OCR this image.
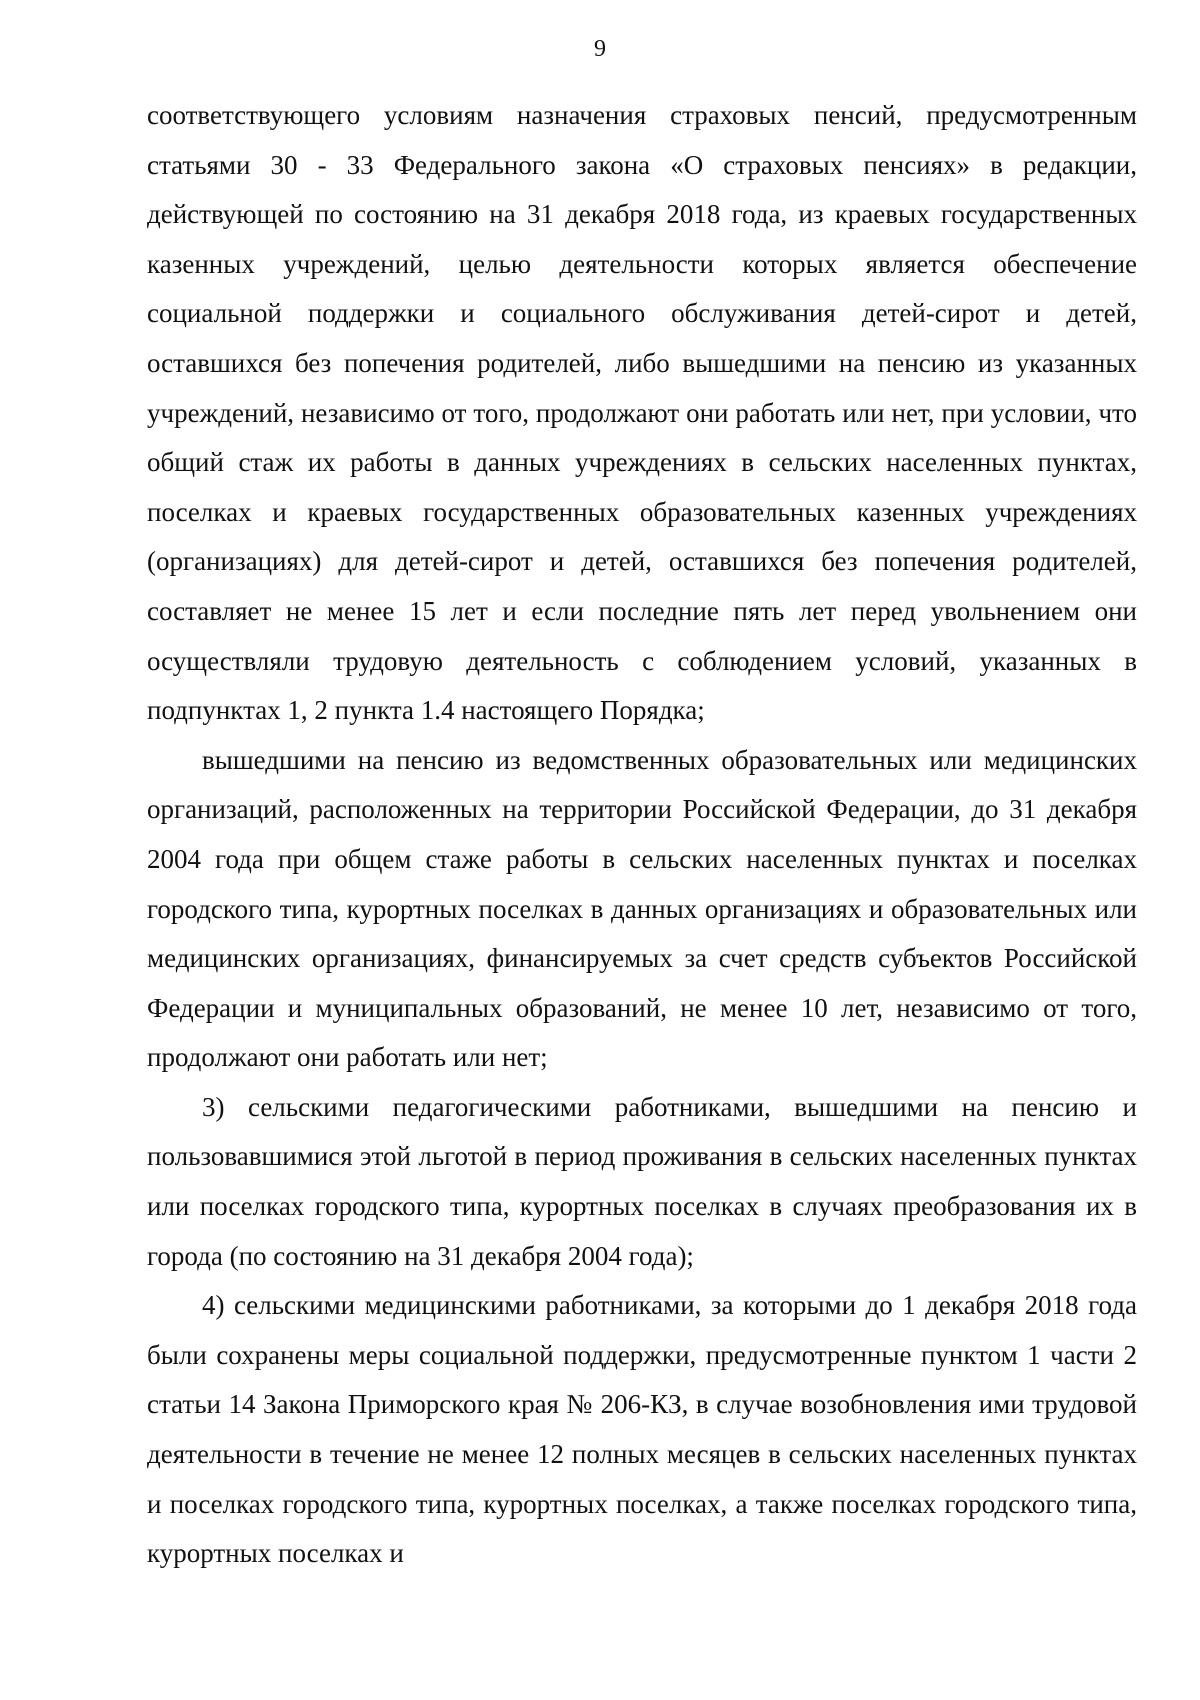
9

соответствующего условиям назначения страховых пенсий, предусмотренным статьями 30 - 33 Федерального закона «О страховых пенсиях» в редакции, действующей по состоянию на 31 декабря 2018 года, из краевых государственных казенных учреждений, целью деятельности которых является обеспечение социальной поддержки и социального обслуживания детей-сирот и детей, оставшихся без попечения родителей, либо вышедшими на пенсию из указанных учреждений, независимо от того, продолжают они работать или нет, при условии, что общий стаж их работы в данных учреждениях в сельских населенных пунктах, поселках и краевых государственных образовательных казенных учреждениях (организациях) для детей-сирот и детей, оставшихся без попечения родителей, составляет не менее 15 лет и если последние пять лет перед увольнением они осуществляли трудовую деятельность с соблюдением условий, указанных в подпунктах 1, 2 пункта 1.4 настоящего Порядка;

вышедшими на пенсию из ведомственных образовательных или медицинских организаций, расположенных на территории Российской Федерации, до 31 декабря 2004 года при общем стаже работы в сельских населенных пунктах и поселках городского типа, курортных поселках в данных организациях и образовательных или медицинских организациях, финансируемых за счет средств субъектов Российской Федерации и муниципальных образований, не менее 10 лет, независимо от того, продолжают они работать или нет;

3) сельскими педагогическими работниками, вышедшими на пенсию и пользовавшимися этой льготой в период проживания в сельских населенных пунктах или поселках городского типа, курортных поселках в случаях преобразования их в города (по состоянию на 31 декабря 2004 года);

4) сельскими медицинскими работниками, за которыми до 1 декабря 2018 года были сохранены меры социальной поддержки, предусмотренные пунктом 1 части 2 статьи 14 Закона Приморского края № 206-КЗ, в случае возобновления ими трудовой деятельности в течение не менее 12 полных месяцев в сельских населенных пунктах и поселках городского типа, курортных поселках, а также поселках городского типа, курортных поселках и
